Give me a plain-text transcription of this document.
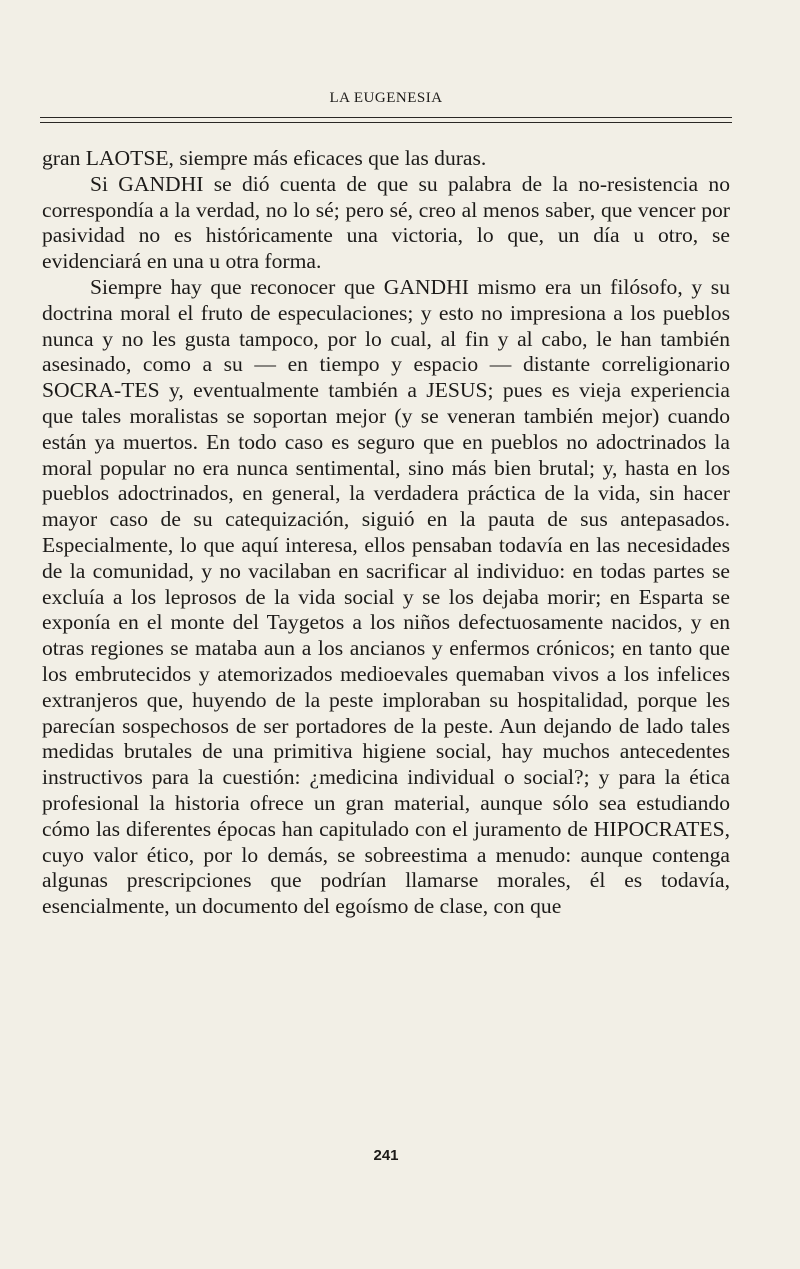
LA EUGENESIA

gran LAOTSE, siempre más eficaces que las duras.

Si GANDHI se dió cuenta de que su palabra de la no-resistencia no correspondía a la verdad, no lo sé; pero sé, creo al menos saber, que vencer por pasividad no es históricamente una victoria, lo que, un día u otro, se evidenciará en una u otra forma.

Siempre hay que reconocer que GANDHI mismo era un filósofo, y su doctrina moral el fruto de especulaciones; y esto no impresiona a los pueblos nunca y no les gusta tampoco, por lo cual, al fin y al cabo, le han también asesinado, como a su — en tiempo y espacio — distante correligionario SOCRA-TES y, eventualmente también a JESUS; pues es vieja experiencia que tales moralistas se soportan mejor (y se veneran también mejor) cuando están ya muertos. En todo caso es seguro que en pueblos no adoctrinados la moral popular no era nunca sentimental, sino más bien brutal; y, hasta en los pueblos adoctrinados, en general, la verdadera práctica de la vida, sin hacer mayor caso de su catequización, siguió en la pauta de sus antepasados. Especialmente, lo que aquí interesa, ellos pensaban todavía en las necesidades de la comunidad, y no vacilaban en sacrificar al individuo: en todas partes se excluía a los leprosos de la vida social y se los dejaba morir; en Esparta se exponía en el monte del Taygetos a los niños defectuosamente nacidos, y en otras regiones se mataba aun a los ancianos y enfermos crónicos; en tanto que los embrutecidos y atemorizados medioevales quemaban vivos a los infelices extranjeros que, huyendo de la peste imploraban su hospitalidad, porque les parecían sospechosos de ser portadores de la peste. Aun dejando de lado tales medidas brutales de una primitiva higiene social, hay muchos antecedentes instructivos para la cuestión: ¿medicina individual o social?; y para la ética profesional la historia ofrece un gran material, aunque sólo sea estudiando cómo las diferentes épocas han capitulado con el juramento de HIPOCRATES, cuyo valor ético, por lo demás, se sobreestima a menudo: aunque contenga algunas prescripciones que podrían llamarse morales, él es todavía, esencialmente, un documento del egoísmo de clase, con que

241
